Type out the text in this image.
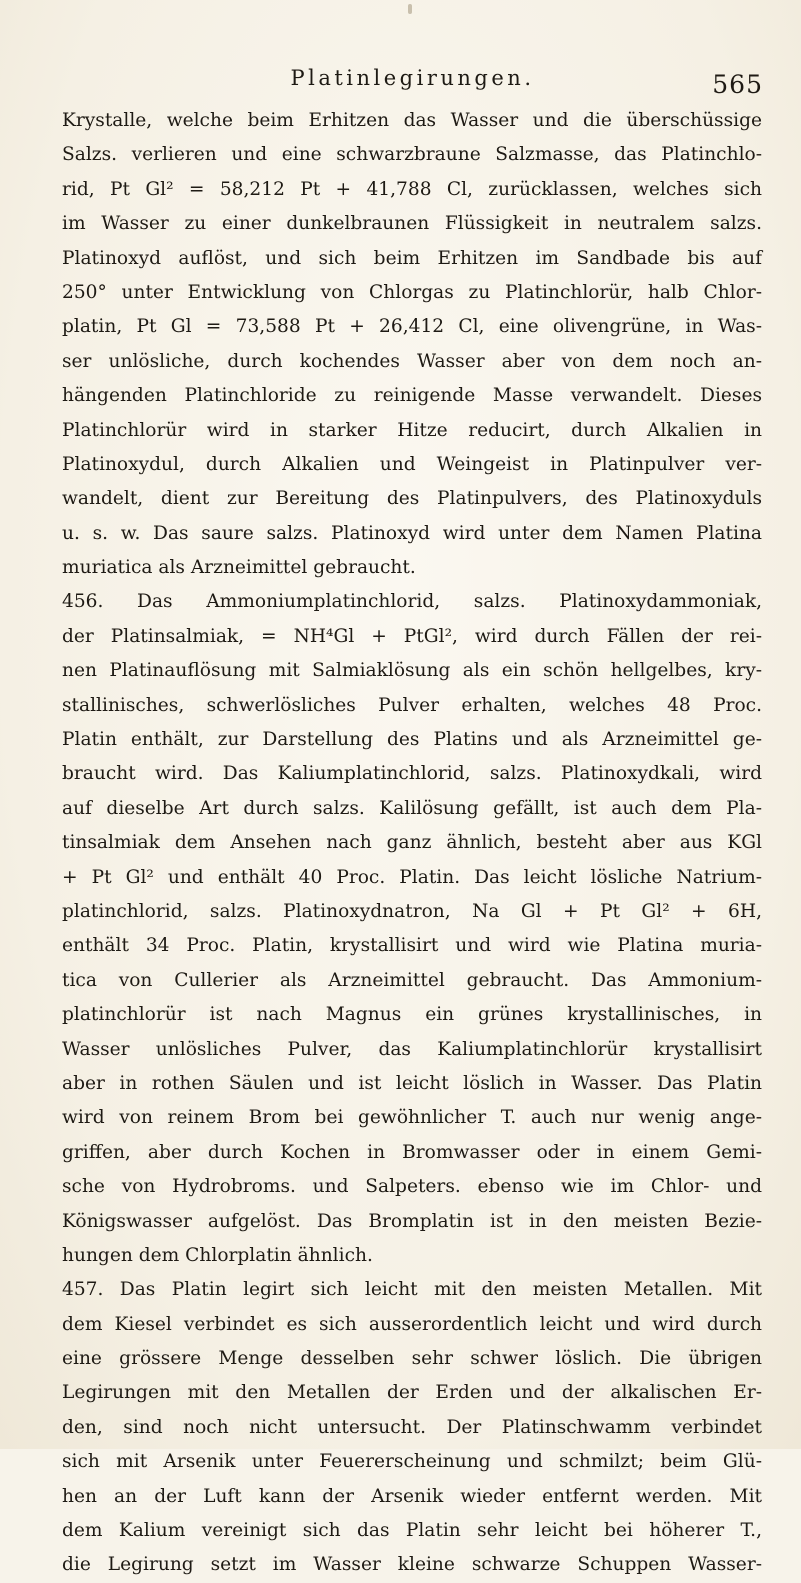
Platinlegirungen.	565
Krystalle, welche beim Erhitzen das Wasser und die überschüssige
Salzs. verlieren und eine schwarzbraune Salzmasse, das Platinchlo-
rid, Pt Gl² = 58,212 Pt + 41,788 Cl, zurücklassen, welches sich
im Wasser zu einer dunkelbraunen Flüssigkeit in neutralem salzs.
Platinoxyd auflöst, und sich beim Erhitzen im Sandbade bis auf
250° unter Entwicklung von Chlorgas zu Platinchlorür, halb Chlor-
platin, Pt Gl = 73,588 Pt + 26,412 Cl, eine olivengrüne, in Was-
ser unlösliche, durch kochendes Wasser aber von dem noch an-
hängenden Platinchloride zu reinigende Masse verwandelt. Dieses
Platinchlorür wird in starker Hitze reducirt, durch Alkalien in
Platinoxydul, durch Alkalien und Weingeist in Platinpulver ver-
wandelt, dient zur Bereitung des Platinpulvers, des Platinoxyduls
u. s. w. Das saure salzs. Platinoxyd wird unter dem Namen Platina
muriatica als Arzneimittel gebraucht.
456. Das Ammoniumplatinchlorid, salzs. Platinoxydammoniak,
der Platinsalmiak, = NH⁴Gl + PtGl², wird durch Fällen der rei-
nen Platinauflösung mit Salmiaklösung als ein schön hellgelbes, kry-
stallinisches, schwerlösliches Pulver erhalten, welches 48 Proc.
Platin enthält, zur Darstellung des Platins und als Arzneimittel ge-
braucht wird. Das Kaliumplatinchlorid, salzs. Platinoxydkali, wird
auf dieselbe Art durch salzs. Kalilösung gefällt, ist auch dem Pla-
tinsalmiak dem Ansehen nach ganz ähnlich, besteht aber aus KGl
+ Pt Gl² und enthält 40 Proc. Platin. Das leicht lösliche Natrium-
platinchlorid, salzs. Platinoxydnatron, Na Gl + Pt Gl² + 6H,
enthält 34 Proc. Platin, krystallisirt und wird wie Platina muria-
tica von Cullerier als Arzneimittel gebraucht. Das Ammonium-
platinchlorür ist nach Magnus ein grünes krystallinisches, in
Wasser unlösliches Pulver, das Kaliumplatinchlorür krystallisirt
aber in rothen Säulen und ist leicht löslich in Wasser. Das Platin
wird von reinem Brom bei gewöhnlicher T. auch nur wenig ange-
griffen, aber durch Kochen in Bromwasser oder in einem Gemi-
sche von Hydrobroms. und Salpeters. ebenso wie im Chlor- und
Königswasser aufgelöst. Das Bromplatin ist in den meisten Bezie-
hungen dem Chlorplatin ähnlich.
457. Das Platin legirt sich leicht mit den meisten Metallen. Mit
dem Kiesel verbindet es sich ausserordentlich leicht und wird durch
eine grössere Menge desselben sehr schwer löslich. Die übrigen
Legirungen mit den Metallen der Erden und der alkalischen Er-
den, sind noch nicht untersucht. Der Platinschwamm verbindet
sich mit Arsenik unter Feuererscheinung und schmilzt; beim Glü-
hen an der Luft kann der Arsenik wieder entfernt werden. Mit
dem Kalium vereinigt sich das Platin sehr leicht bei höherer T.,
die Legirung setzt im Wasser kleine schwarze Schuppen Wasser-
